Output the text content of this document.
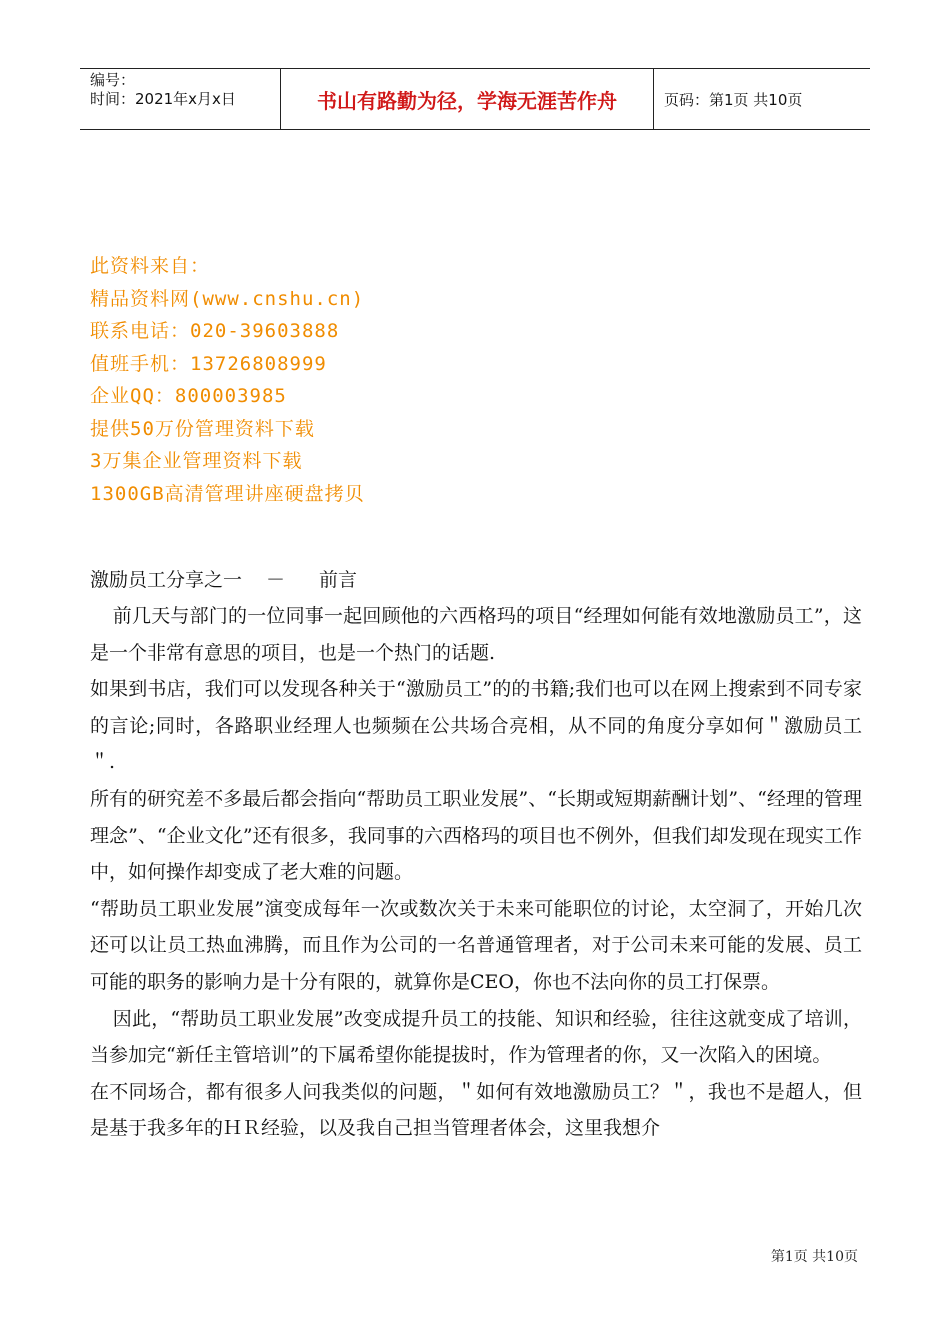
编号：
时间：2021年x月x日	书山有路勤为径，学海无涯苦作舟	页码：第1页 共10页
此资料来自：
精品资料网(www.cnshu.cn)
联系电话：020-39603888
值班手机：13726808999
企业QQ：800003985
提供50万份管理资料下载
3万集企业管理资料下载
1300GB高清管理讲座硬盘拷贝
激励员工分享之一 － 前言

前几天与部门的一位同事一起回顾他的六西格玛的项目“经理如何能有效地激励员工”，这是一个非常有意思的项目，也是一个热门的话题.

如果到书店，我们可以发现各种关于“激励员工”的的书籍;我们也可以在网上搜索到不同专家的言论;同时，各路职业经理人也频频在公共场合亮相，从不同的角度分享如何＂激励员工＂.

所有的研究差不多最后都会指向“帮助员工职业发展”、“长期或短期薪酬计划”、“经理的管理理念”、“企业文化”还有很多，我同事的六西格玛的项目也不例外，但我们却发现在现实工作中，如何操作却变成了老大难的问题。

“帮助员工职业发展”演变成每年一次或数次关于未来可能职位的讨论，太空洞了，开始几次还可以让员工热血沸腾，而且作为公司的一名普通管理者，对于公司未来可能的发展、员工可能的职务的影响力是十分有限的，就算你是CEO，你也不法向你的员工打保票。

因此，“帮助员工职业发展”改变成提升员工的技能、知识和经验，往往这就变成了培训，当参加完“新任主管培训”的下属希望你能提拔时，作为管理者的你，又一次陷入的困境。

在不同场合，都有很多人问我类似的问题，＂如何有效地激励员工？＂，我也不是超人，但是基于我多年的ＨＲ经验，以及我自己担当管理者体会，这里我想介

第1页 共10页
